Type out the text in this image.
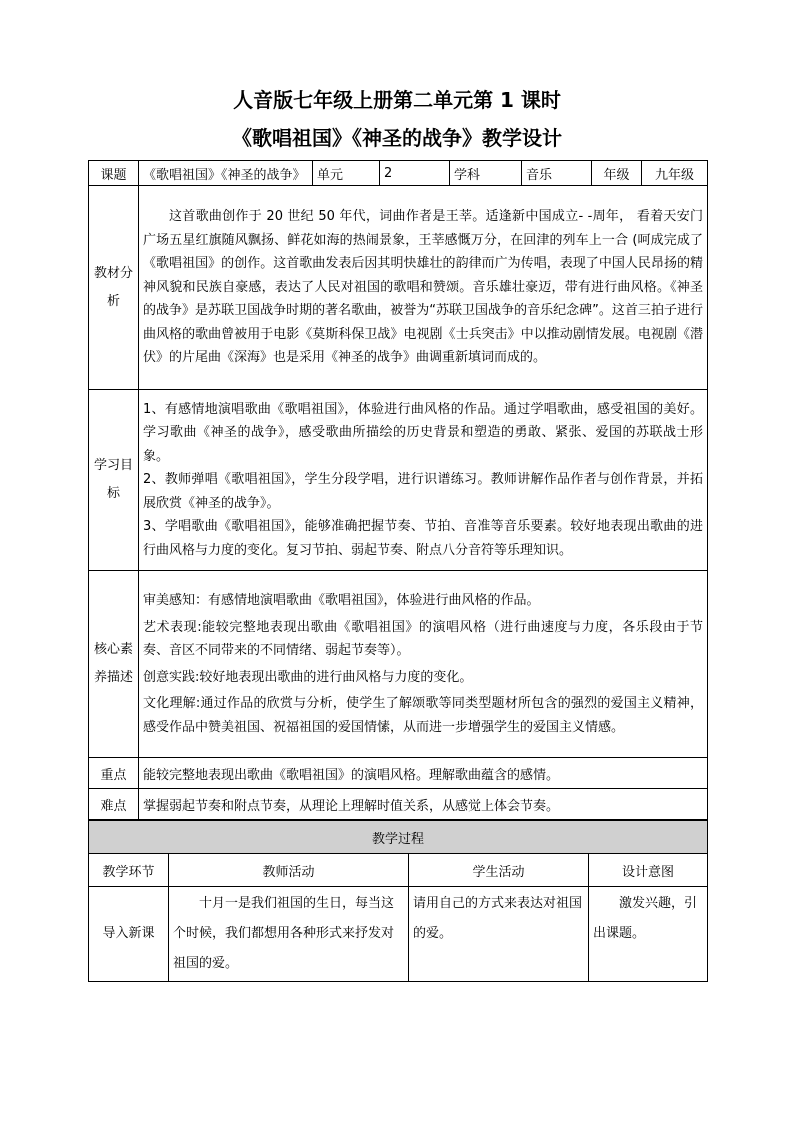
人音版七年级上册第二单元第 1 课时
《歌唱祖国》《神圣的战争》教学设计
课题	《歌唱祖国》《神圣的战争》	单元	2	学科	音乐	年级	九年级
教材分析	这首歌曲创作于 20 世纪 50 年代，词曲作者是王莘。适逢新中国成立- -周年， 看着天安门广场五星红旗随风飘扬、鲜花如海的热闹景象，王莘感慨万分，在回津的列车上一合 (呵成完成了《歌唱祖国》的创作。这首歌曲发表后因其明快雄壮的韵律而广为传唱，表现了中国人民昂扬的精神风貌和民族自豪感，表达了人民对祖国的歌唱和赞颂。音乐雄壮豪迈，带有进行曲风格。《神圣的战争》是苏联卫国战争时期的著名歌曲，被誉为“苏联卫国战争的音乐纪念碑”。这首三拍子进行曲风格的歌曲曾被用于电影《莫斯科保卫战》电视剧《士兵突击》中以推动剧情发展。电视剧《潜伏》的片尾曲《深海》也是采用《神圣的战争》曲调重新填词而成的。						
学习目标	1、有感情地演唱歌曲《歌唱祖国》，体验进行曲风格的作品。通过学唱歌曲，感受祖国的美好。学习歌曲《神圣的战争》，感受歌曲所描绘的历史背景和塑造的勇敢、紧张、爱国的苏联战士形象。

2、教师弹唱《歌唱祖国》，学生分段学唱，进行识谱练习。教师讲解作品作者与创作背景，并拓展欣赏《神圣的战争》。

3、学唱歌曲《歌唱祖国》，能够准确把握节奏、节拍、音准等音乐要素。较好地表现出歌曲的进行曲风格与力度的变化。复习节拍、弱起节奏、附点八分音符等乐理知识。						

核心素养描述	审美感知：有感情地演唱歌曲《歌唱祖国》，体验进行曲风格的作品。

艺术表现:能较完整地表现出歌曲《歌唱祖国》的演唱风格（进行曲速度与力度，各乐段由于节奏、音区不同带来的不同情绪、弱起节奏等）。

创意实践:较好地表现出歌曲的进行曲风格与力度的变化。

文化理解:通过作品的欣赏与分析，使学生了解颂歌等同类型题材所包含的强烈的爱国主义精神，感受作品中赞美祖国、祝福祖国的爱国情愫，从而进一步增强学生的爱国主义情感。						

重点	能较完整地表现出歌曲《歌唱祖国》的演唱风格。理解歌曲蕴含的感情。						
难点	掌握弱起节奏和附点节奏，从理论上理解时值关系，从感觉上体会节奏。						
教学过程			
教学环节	教师活动	学生活动	设计意图
导入新课	十月一是我们祖国的生日，每当这个时候，我们都想用各种形式来抒发对祖国的爱。	请用自己的方式来表达对祖国的爱。	激发兴趣，引出课题。
